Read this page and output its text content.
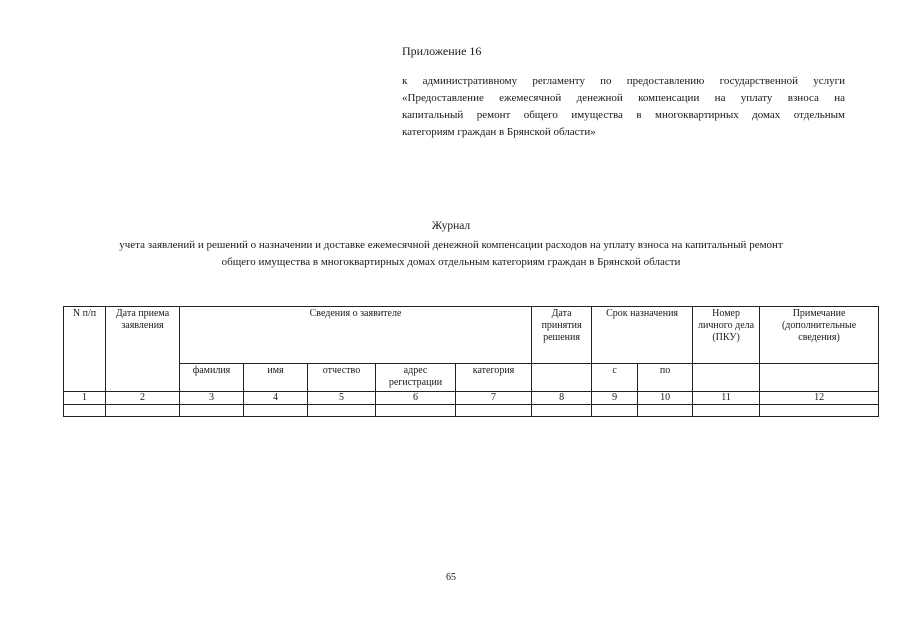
Приложение 16
к административному регламенту по предоставлению государственной услуги
«Предоставление ежемесячной денежной компенсации на уплату взноса на
капитальный ремонт общего имущества в многоквартирных домах отдельным
категориям граждан в Брянской области»
Журнал
учета заявлений и решений о назначении и доставке ежемесячной денежной компенсации расходов на уплату взноса на капитальный ремонт
общего имущества в многоквартирных домах отдельным категориям граждан в Брянской области
N п/п	Дата приема заявления	Сведения о заявителе					Дата принятия решения	Срок назначения		Номер личного дела (ПКУ)	Примечание (дополнительные сведения)
		фамилия	имя	отчество	адрес регистрации	категория		с	по		
1	2	3	4	5	6	7	8	9	10	11	12

65
